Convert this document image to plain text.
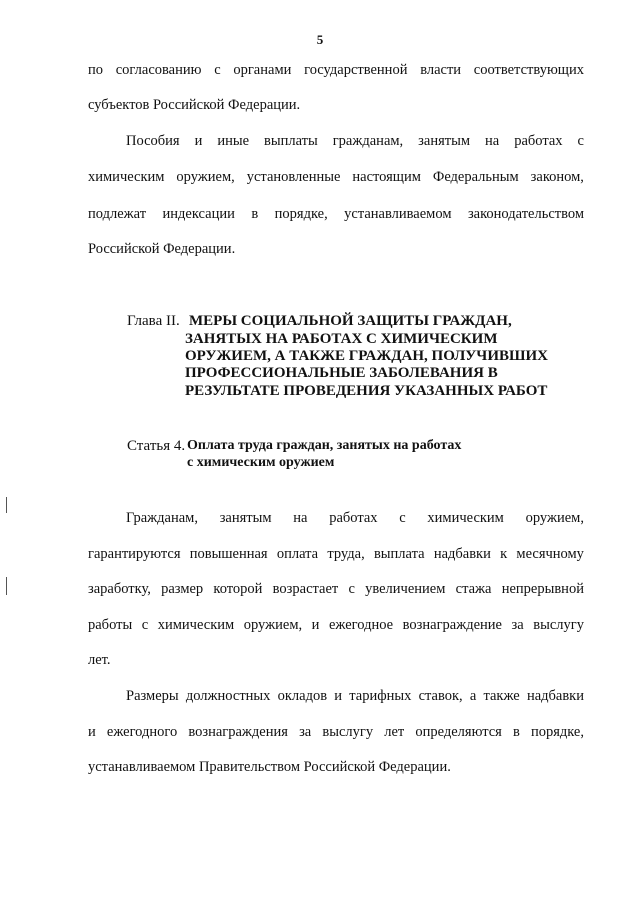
5
по согласованию с органами государственной власти соответствующих
субъектов Российской Федерации.
Пособия и иные выплаты гражданам, занятым на работах с
химическим оружием, установленные настоящим Федеральным законом,
подлежат индексации в порядке, устанавливаемом законодательством
Российской Федерации.
Глава II. МЕРЫ СОЦИАЛЬНОЙ ЗАЩИТЫ ГРАЖДАН,
ЗАНЯТЫХ НА РАБОТАХ С ХИМИЧЕСКИМ
ОРУЖИЕМ, А ТАКЖЕ ГРАЖДАН, ПОЛУЧИВШИХ
ПРОФЕССИОНАЛЬНЫЕ ЗАБОЛЕВАНИЯ В
РЕЗУЛЬТАТЕ ПРОВЕДЕНИЯ УКАЗАННЫХ РАБОТ
Статья 4. Оплата труда граждан, занятых на работах
с химическим оружием
Гражданам, занятым на работах с химическим оружием,
гарантируются повышенная оплата труда, выплата надбавки к месячному
заработку, размер которой возрастает с увеличением стажа непрерывной
работы с химическим оружием, и ежегодное вознаграждение за выслугу
лет.
Размеры должностных окладов и тарифных ставок, а также надбавки
и ежегодного вознаграждения за выслугу лет определяются в порядке,
устанавливаемом Правительством Российской Федерации.
